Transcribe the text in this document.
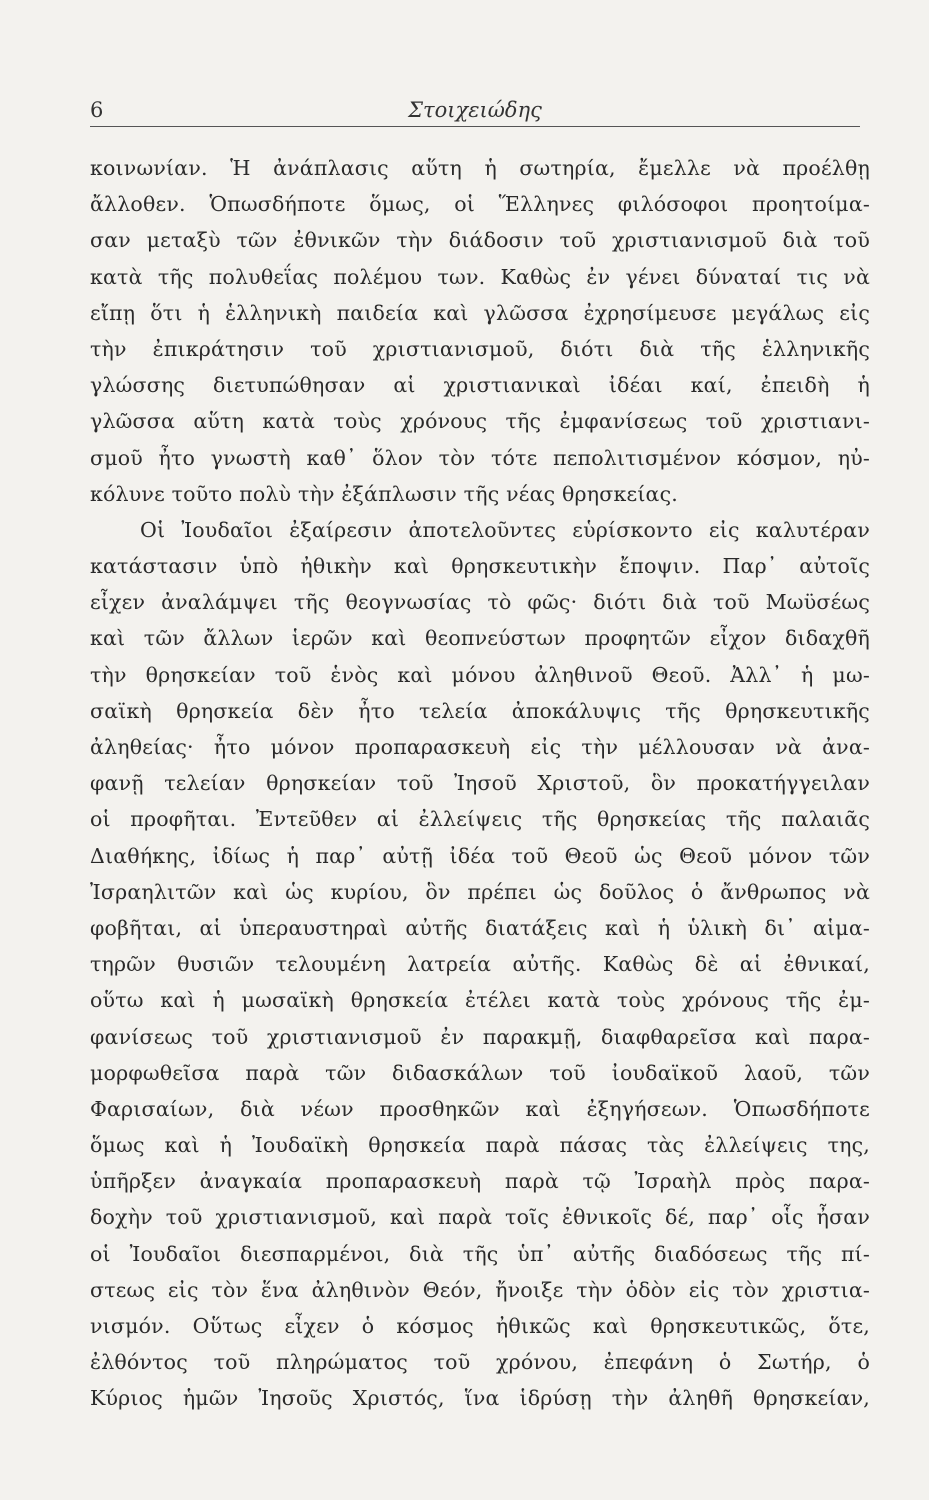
6	Στοιχειώδης
κοινωνίαν. Ἡ ἀνάπλασις αὕτη ἡ σωτηρία, ἔμελλε νὰ προέλθῃ
ἄλλοθεν. Ὁπωσδήποτε ὅμως, οἱ Ἕλληνες φιλόσοφοι προητοίμα-
σαν μεταξὺ τῶν ἐθνικῶν τὴν διάδοσιν τοῦ χριστιανισμοῦ διὰ τοῦ
κατὰ τῆς πολυθεΐας πολέμου των. Καθὼς ἐν γένει δύναταί τις νὰ
εἴπῃ ὅτι ἡ ἑλληνικὴ παιδεία καὶ γλῶσσα ἐχρησίμευσε μεγάλως εἰς
τὴν ἐπικράτησιν τοῦ χριστιανισμοῦ, διότι διὰ τῆς ἑλληνικῆς
γλώσσης διετυπώθησαν αἱ χριστιανικαὶ ἰδέαι καί, ἐπειδὴ ἡ
γλῶσσα αὕτη κατὰ τοὺς χρόνους τῆς ἐμφανίσεως τοῦ χριστιανι-
σμοῦ ἦτο γνωστὴ καθ᾽ ὅλον τὸν τότε πεπολιτισμένον κόσμον, ηὐ-
κόλυνε τοῦτο πολὺ τὴν ἐξάπλωσιν τῆς νέας θρησκείας.
Οἱ Ἰουδαῖοι ἐξαίρεσιν ἀποτελοῦντες εὑρίσκοντο εἰς καλυτέραν
κατάστασιν ὑπὸ ἠθικὴν καὶ θρησκευτικὴν ἔποψιν. Παρ᾽ αὐτοῖς
εἶχεν ἀναλάμψει τῆς θεογνωσίας τὸ φῶς· διότι διὰ τοῦ Μωϋσέως
καὶ τῶν ἄλλων ἱερῶν καὶ θεοπνεύστων προφητῶν εἶχον διδαχθῆ
τὴν θρησκείαν τοῦ ἑνὸς καὶ μόνου ἀληθινοῦ Θεοῦ. Ἀλλ᾽ ἡ μω-
σαϊκὴ θρησκεία δὲν ἦτο τελεία ἀποκάλυψις τῆς θρησκευτικῆς
ἀληθείας· ἦτο μόνον προπαρασκευὴ εἰς τὴν μέλλουσαν νὰ ἀνα-
φανῇ τελείαν θρησκείαν τοῦ Ἰησοῦ Χριστοῦ, ὃν προκατήγγειλαν
οἱ προφῆται. Ἐντεῦθεν αἱ ἐλλείψεις τῆς θρησκείας τῆς παλαιᾶς
Διαθήκης, ἰδίως ἡ παρ᾽ αὐτῇ ἰδέα τοῦ Θεοῦ ὡς Θεοῦ μόνον τῶν
Ἰσραηλιτῶν καὶ ὡς κυρίου, ὃν πρέπει ὡς δοῦλος ὁ ἄνθρωπος νὰ
φοβῆται, αἱ ὑπεραυστηραὶ αὐτῆς διατάξεις καὶ ἡ ὑλικὴ δι᾽ αἱμα-
τηρῶν θυσιῶν τελουμένη λατρεία αὐτῆς. Καθὼς δὲ αἱ ἐθνικαί,
οὕτω καὶ ἡ μωσαϊκὴ θρησκεία ἐτέλει κατὰ τοὺς χρόνους τῆς ἐμ-
φανίσεως τοῦ χριστιανισμοῦ ἐν παρακμῇ, διαφθαρεῖσα καὶ παρα-
μορφωθεῖσα παρὰ τῶν διδασκάλων τοῦ ἰουδαϊκοῦ λαοῦ, τῶν
Φαρισαίων, διὰ νέων προσθηκῶν καὶ ἐξηγήσεων. Ὁπωσδήποτε
ὅμως καὶ ἡ Ἰουδαϊκὴ θρησκεία παρὰ πάσας τὰς ἐλλείψεις της,
ὑπῆρξεν ἀναγκαία προπαρασκευὴ παρὰ τῷ Ἰσραὴλ πρὸς παρα-
δοχὴν τοῦ χριστιανισμοῦ, καὶ παρὰ τοῖς ἐθνικοῖς δέ, παρ᾽ οἷς ἦσαν
οἱ Ἰουδαῖοι διεσπαρμένοι, διὰ τῆς ὑπ᾽ αὐτῆς διαδόσεως τῆς πί-
στεως εἰς τὸν ἕνα ἀληθινὸν Θεόν, ἤνοιξε τὴν ὁδὸν εἰς τὸν χριστια-
νισμόν. Οὕτως εἶχεν ὁ κόσμος ἠθικῶς καὶ θρησκευτικῶς, ὅτε,
ἐλθόντος τοῦ πληρώματος τοῦ χρόνου, ἐπεφάνη ὁ Σωτήρ, ὁ
Κύριος ἡμῶν Ἰησοῦς Χριστός, ἵνα ἱδρύσῃ τὴν ἀληθῆ θρησκείαν,
